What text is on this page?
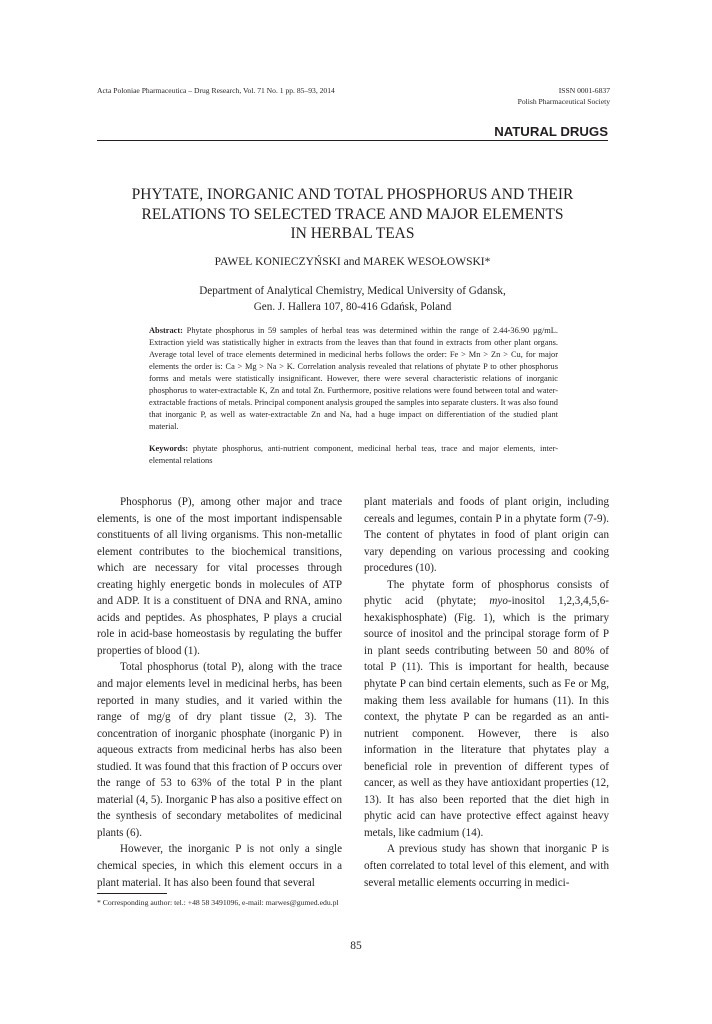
Acta Poloniae Pharmaceutica – Drug Research, Vol. 71 No. 1 pp. 85–93, 2014	ISSN 0001-6837
Polish Pharmaceutical Society
NATURAL DRUGS
PHYTATE, INORGANIC AND TOTAL PHOSPHORUS AND THEIR
RELATIONS TO SELECTED TRACE AND MAJOR ELEMENTS
IN HERBAL TEAS
PAWEŁ KONIECZYŃSKI and MAREK WESOŁOWSKI*
Department of Analytical Chemistry, Medical University of Gdansk,
Gen. J. Hallera 107, 80-416 Gdańsk, Poland
Abstract: Phytate phosphorus in 59 samples of herbal teas was determined within the range of 2.44-36.90 µg/mL. Extraction yield was statistically higher in extracts from the leaves than that found in extracts from other plant organs. Average total level of trace elements determined in medicinal herbs follows the order: Fe > Mn > Zn > Cu, for major elements the order is: Ca > Mg > Na > K. Correlation analysis revealed that relations of phytate P to other phosphorus forms and metals were statistically insignificant. However, there were several characteristic relations of inorganic phosphorus to water-extractable K, Zn and total Zn. Furthermore, positive relations were found between total and water-extractable fractions of metals. Principal component analysis grouped the samples into separate clusters. It was also found that inorganic P, as well as water-extractable Zn and Na, had a huge impact on differentiation of the studied plant material.
Keywords: phytate phosphorus, anti-nutrient component, medicinal herbal teas, trace and major elements, inter-elemental relations

Phosphorus (P), among other major and trace elements, is one of the most important indispensable constituents of all living organisms. This non-metallic element contributes to the biochemical transitions, which are necessary for vital processes through creating highly energetic bonds in molecules of ATP and ADP. It is a constituent of DNA and RNA, amino acids and peptides. As phosphates, P plays a crucial role in acid-base homeostasis by regulating the buffer properties of blood (1).

Total phosphorus (total P), along with the trace and major elements level in medicinal herbs, has been reported in many studies, and it varied within the range of mg/g of dry plant tissue (2, 3). The concentration of inorganic phosphate (inorganic P) in aqueous extracts from medicinal herbs has also been studied. It was found that this fraction of P occurs over the range of 53 to 63% of the total P in the plant material (4, 5). Inorganic P has also a positive effect on the synthesis of secondary metabolites of medicinal plants (6).

However, the inorganic P is not only a single chemical species, in which this element occurs in a plant material. It has also been found that several

plant materials and foods of plant origin, including cereals and legumes, contain P in a phytate form (7-9). The content of phytates in food of plant origin can vary depending on various processing and cooking procedures (10).

The phytate form of phosphorus consists of phytic acid (phytate; myo-inositol 1,2,3,4,5,6-hexakisphosphate) (Fig. 1), which is the primary source of inositol and the principal storage form of P in plant seeds contributing between 50 and 80% of total P (11). This is important for health, because phytate P can bind certain elements, such as Fe or Mg, making them less available for humans (11). In this context, the phytate P can be regarded as an anti-nutrient component. However, there is also information in the literature that phytates play a beneficial role in prevention of different types of cancer, as well as they have antioxidant properties (12, 13). It has also been reported that the diet high in phytic acid can have protective effect against heavy metals, like cadmium (14).

A previous study has shown that inorganic P is often correlated to total level of this element, and with several metallic elements occurring in medici-

* Corresponding author: tel.: +48 58 3491096, e-mail: marwes@gumed.edu.pl
85
